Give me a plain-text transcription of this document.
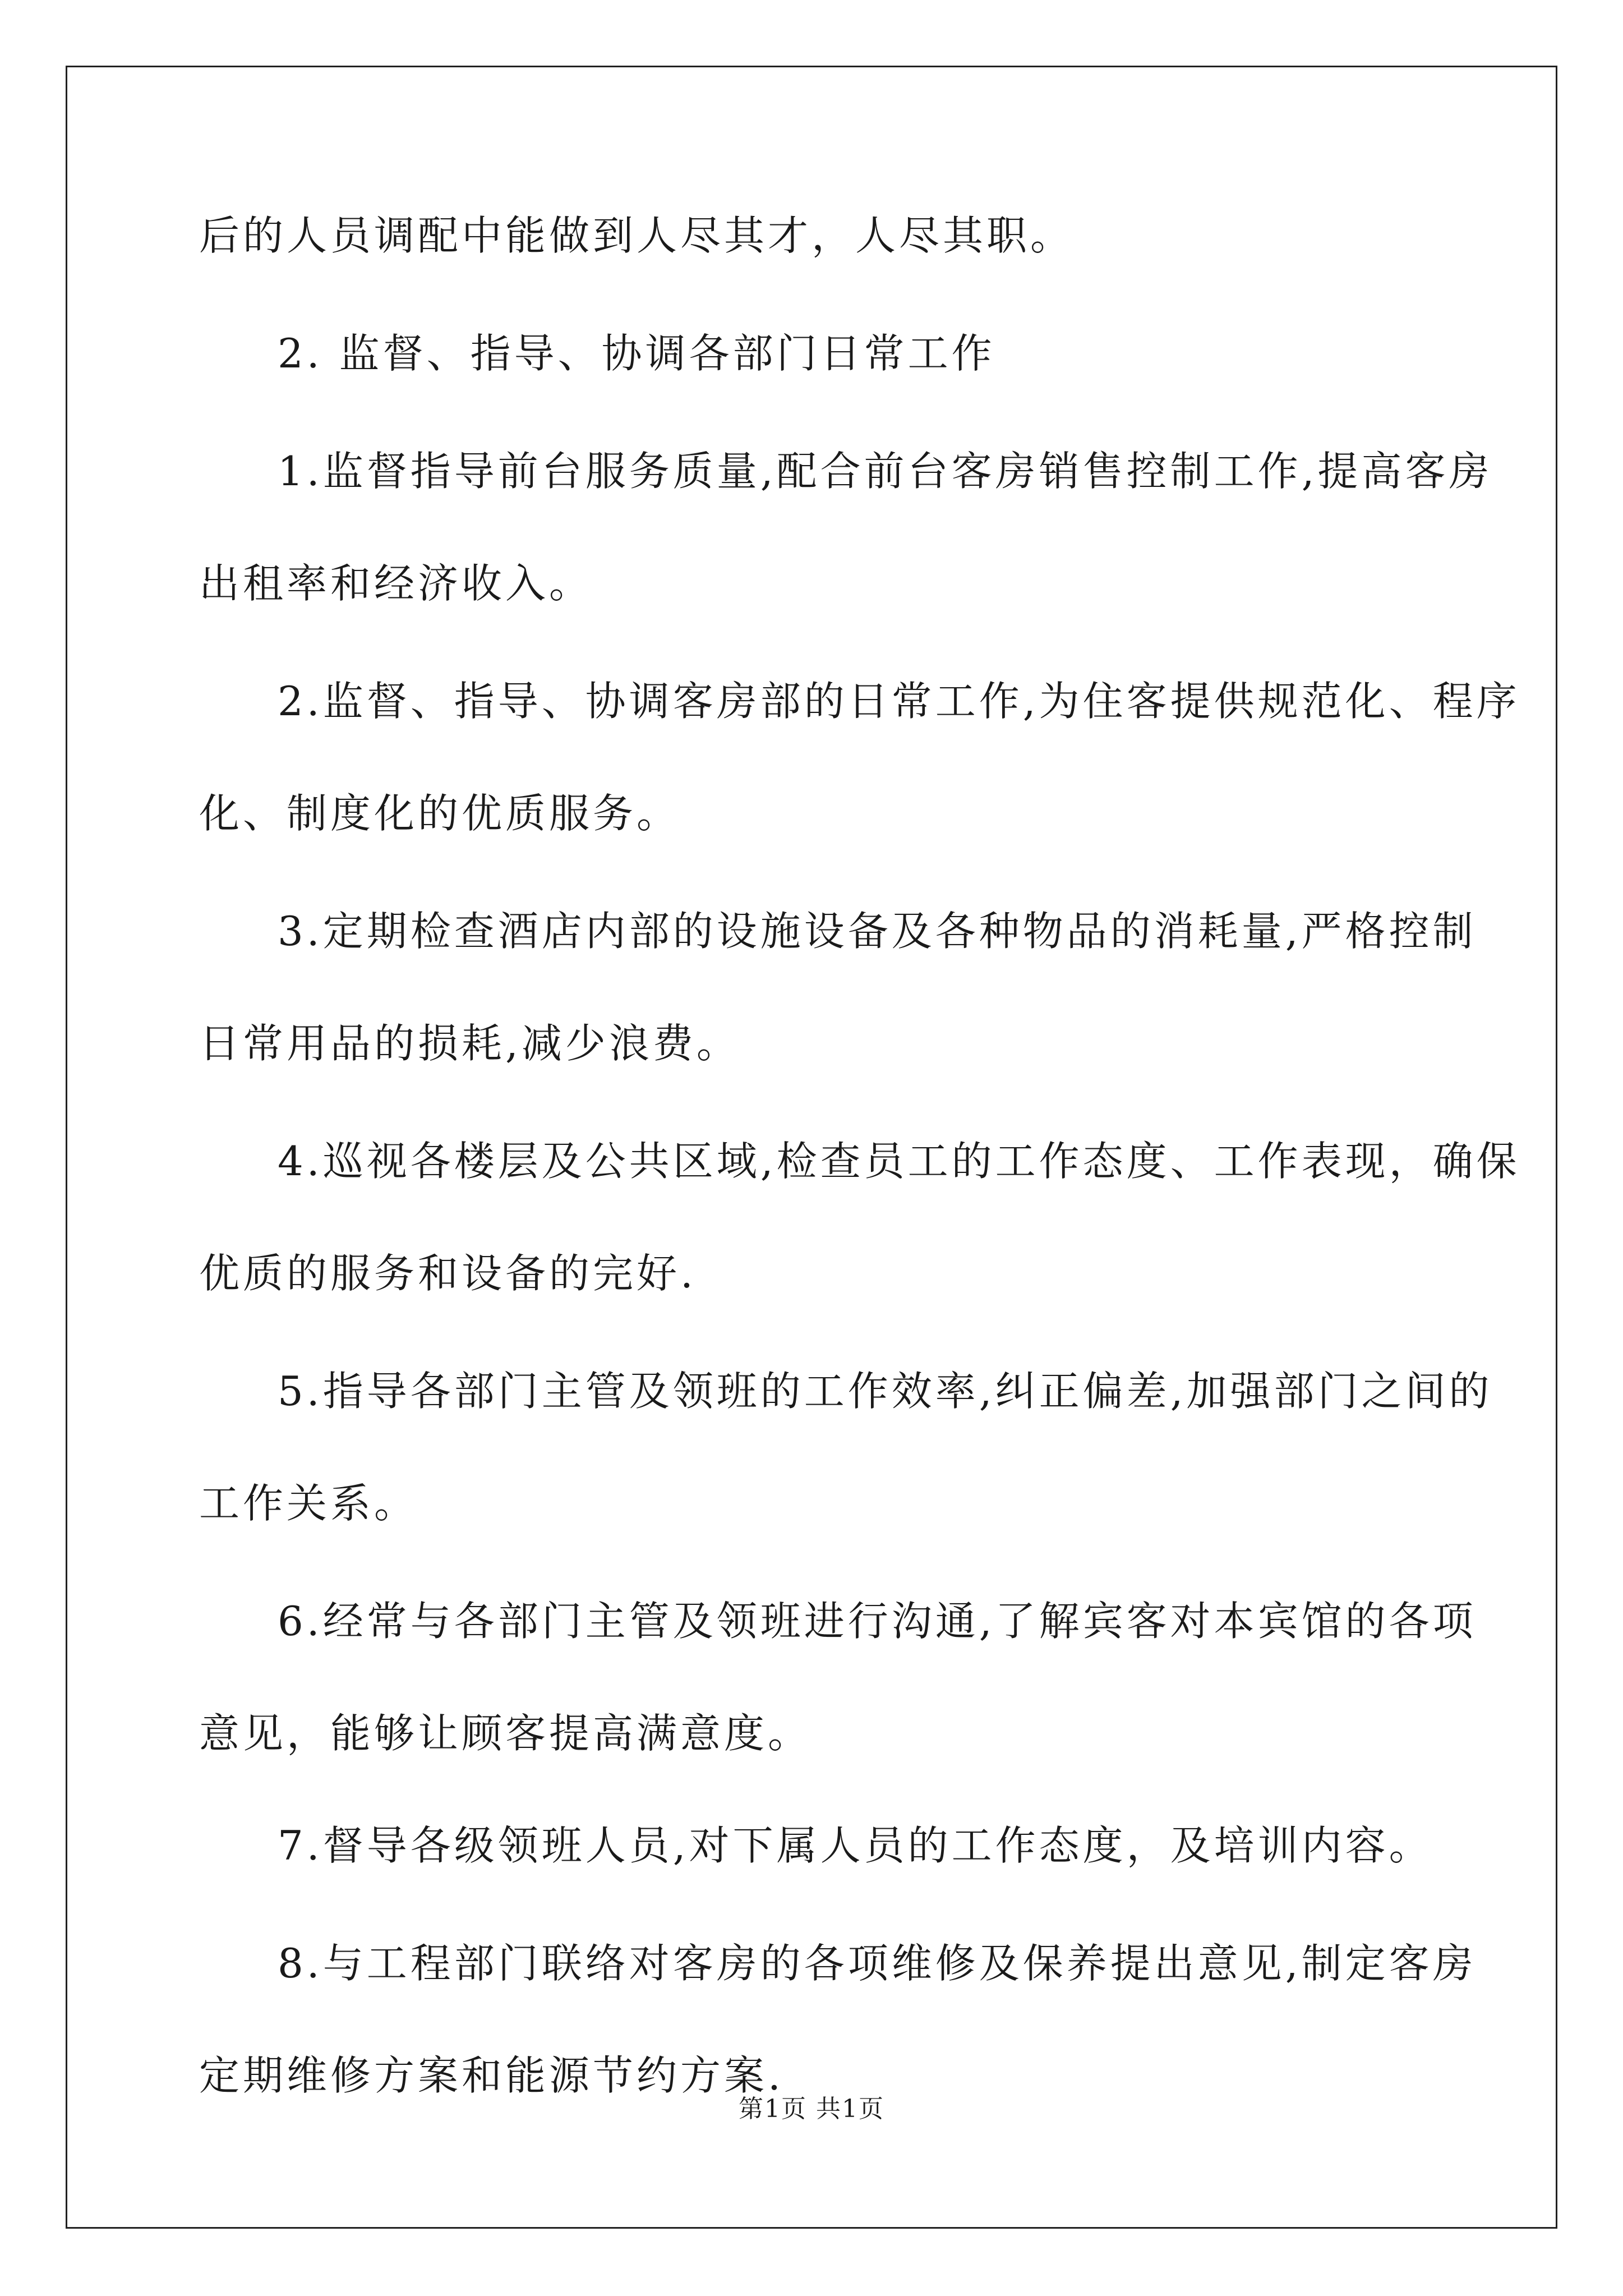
后的人员调配中能做到人尽其才，人尽其职。
2. 监督、指导、协调各部门日常工作
1.监督指导前台服务质量,配合前台客房销售控制工作,提高客房
出租率和经济收入。
2.监督、指导、协调客房部的日常工作,为住客提供规范化、程序
化、制度化的优质服务。
3.定期检查酒店内部的设施设备及各种物品的消耗量,严格控制
日常用品的损耗,减少浪费。
4.巡视各楼层及公共区域,检查员工的工作态度、工作表现，确保
优质的服务和设备的完好.
5.指导各部门主管及领班的工作效率,纠正偏差,加强部门之间的
工作关系。
6.经常与各部门主管及领班进行沟通,了解宾客对本宾馆的各项
意见，能够让顾客提高满意度。
7.督导各级领班人员,对下属人员的工作态度，及培训内容。
8.与工程部门联络对客房的各项维修及保养提出意见,制定客房
定期维修方案和能源节约方案.
第1页 共1页
